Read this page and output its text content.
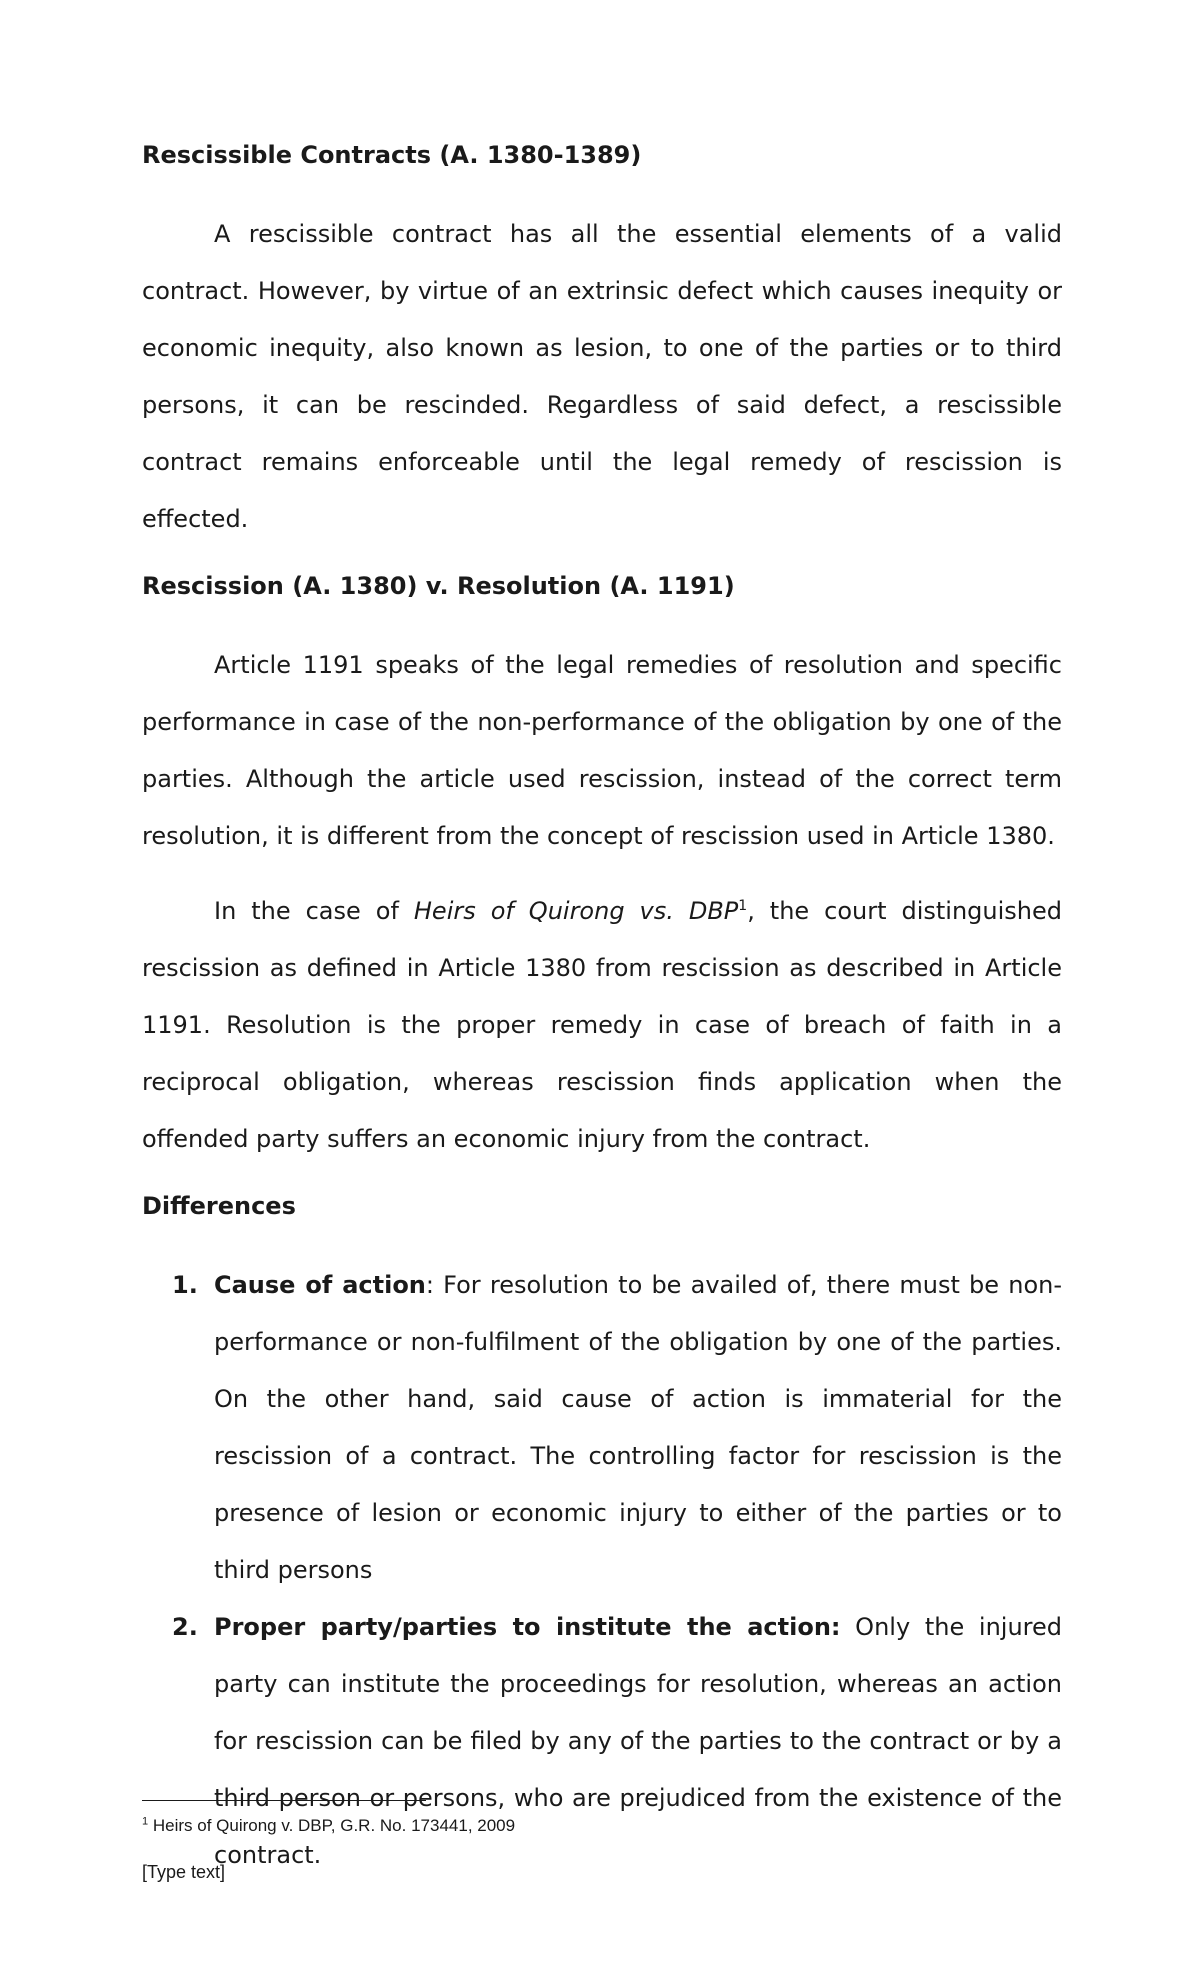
Rescissible Contracts (A. 1380-1389)

A rescissible contract has all the essential elements of a valid contract. However, by virtue of an extrinsic defect which causes inequity or economic inequity, also known as lesion, to one of the parties or to third persons, it can be rescinded. Regardless of said defect, a rescissible contract remains enforceable until the legal remedy of rescission is effected.

Rescission (A. 1380) v. Resolution (A. 1191)

Article 1191 speaks of the legal remedies of resolution and specific performance in case of the non-performance of the obligation by one of the parties. Although the article used rescission, instead of the correct term resolution, it is different from the concept of rescission used in Article 1380.

In the case of Heirs of Quirong vs. DBP$^1$, the court distinguished rescission as defined in Article 1380 from rescission as described in Article 1191. Resolution is the proper remedy in case of breach of faith in a reciprocal obligation, whereas rescission finds application when the offended party suffers an economic injury from the contract.

Differences

1. Cause of action: For resolution to be availed of, there must be non-performance or non-fulfilment of the obligation by one of the parties. On the other hand, said cause of action is immaterial for the rescission of a contract. The controlling factor for rescission is the presence of lesion or economic injury to either of the parties or to third persons
2. Proper party/parties to institute the action: Only the injured party can institute the proceedings for resolution, whereas an action for rescission can be filed by any of the parties to the contract or by a third person or persons, who are prejudiced from the existence of the contract.
$^1$ Heirs of Quirong v. DBP, G.R. No. 173441, 2009
[Type text]
